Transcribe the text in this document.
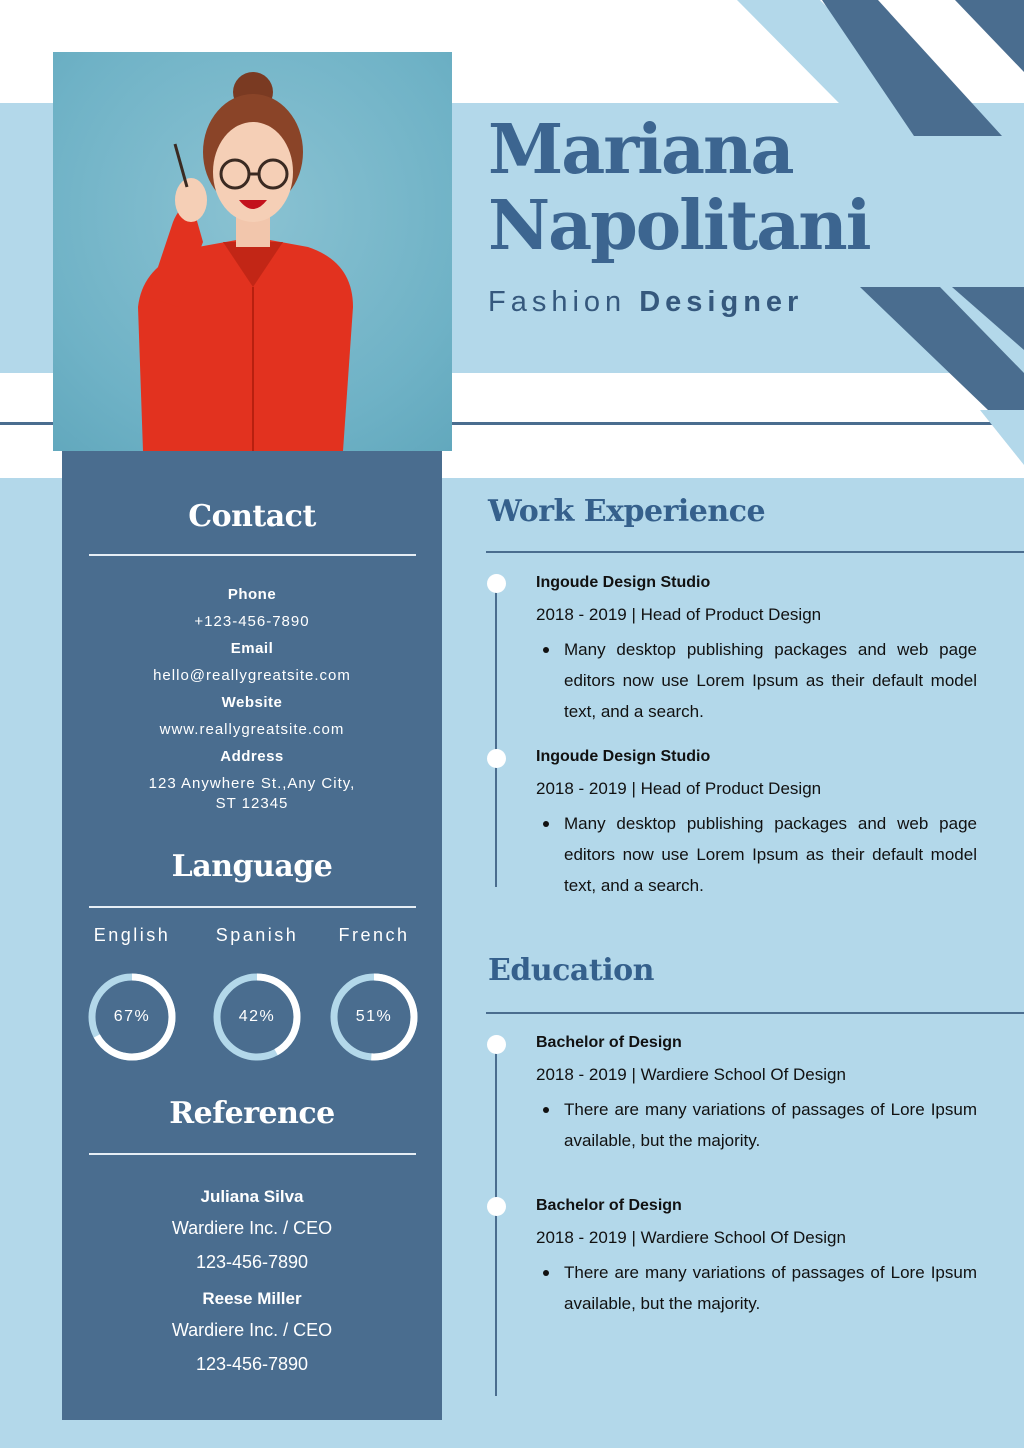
Mariana
Napolitani
Fashion Designer
Contact
Phone
+123-456-7890
Email
hello@reallygreatsite.com
Website
www.reallygreatsite.com
Address
123 Anywhere St.,Any City,
ST 12345
Language
English	Spanish	French
67%	42%	51%
Reference
Juliana Silva
Wardiere Inc. / CEO
123-456-7890
Reese Miller
Wardiere Inc. / CEO
123-456-7890
Work Experience
Ingoude Design Studio
2018 - 2019 | Head of Product Design
Many desktop publishing packages and web page editors now use Lorem Ipsum as their default model text, and a search.
Ingoude Design Studio
2018 - 2019 | Head of Product Design
Many desktop publishing packages and web page editors now use Lorem Ipsum as their default model text, and a search.
Education
Bachelor of Design
2018 - 2019 | Wardiere School Of Design
There are many variations of passages of Lore Ipsum available, but the majority.
Bachelor of Design
2018 - 2019 | Wardiere School Of Design
There are many variations of passages of Lore Ipsum available, but the majority.
